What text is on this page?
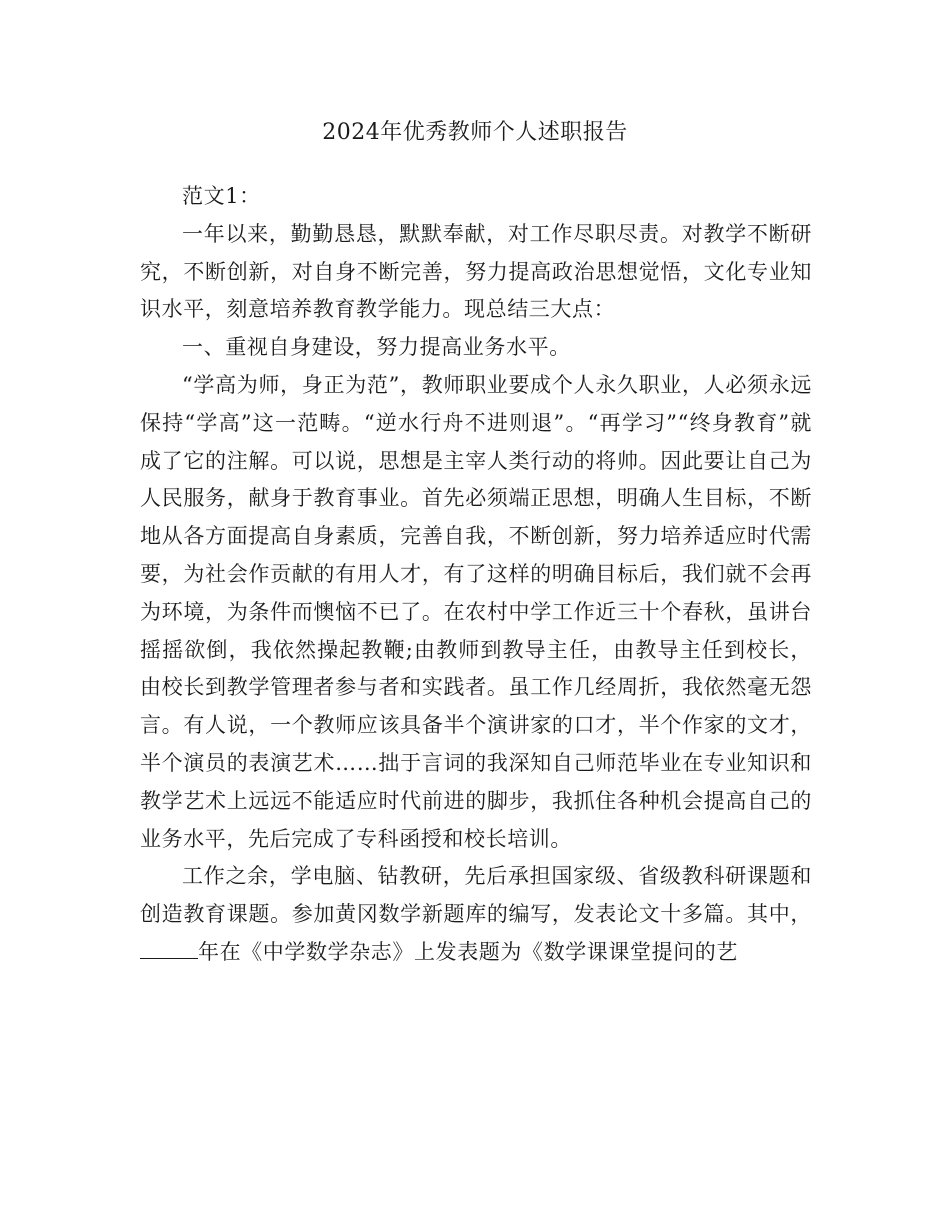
2024年优秀教师个人述职报告

范文1：

一年以来，勤勤恳恳，默默奉献，对工作尽职尽责。对教学不断研究，不断创新，对自身不断完善，努力提高政治思想觉悟，文化专业知识水平，刻意培养教育教学能力。现总结三大点：

一、重视自身建设，努力提高业务水平。

“学高为师，身正为范”，教师职业要成个人永久职业，人必须永远保持“学高”这一范畴。“逆水行舟不进则退”。“再学习”“终身教育”就成了它的注解。可以说，思想是主宰人类行动的将帅。因此要让自己为人民服务，献身于教育事业。首先必须端正思想，明确人生目标，不断地从各方面提高自身素质，完善自我，不断创新，努力培养适应时代需要，为社会作贡献的有用人才，有了这样的明确目标后，我们就不会再为环境，为条件而懊恼不已了。在农村中学工作近三十个春秋，虽讲台摇摇欲倒，我依然操起教鞭;由教师到教导主任，由教导主任到校长，由校长到教学管理者参与者和实践者。虽工作几经周折，我依然毫无怨言。有人说，一个教师应该具备半个演讲家的口才，半个作家的文才，半个演员的表演艺术……拙于言词的我深知自己师范毕业在专业知识和教学艺术上远远不能适应时代前进的脚步，我抓住各种机会提高自己的业务水平，先后完成了专科函授和校长培训。

工作之余，学电脑、钻教研，先后承担国家级、省级教科研课题和创造教育课题。参加黄冈数学新题库的编写，发表论文十多篇。其中，年在《中学数学杂志》上发表题为《数学课课堂提问的艺
